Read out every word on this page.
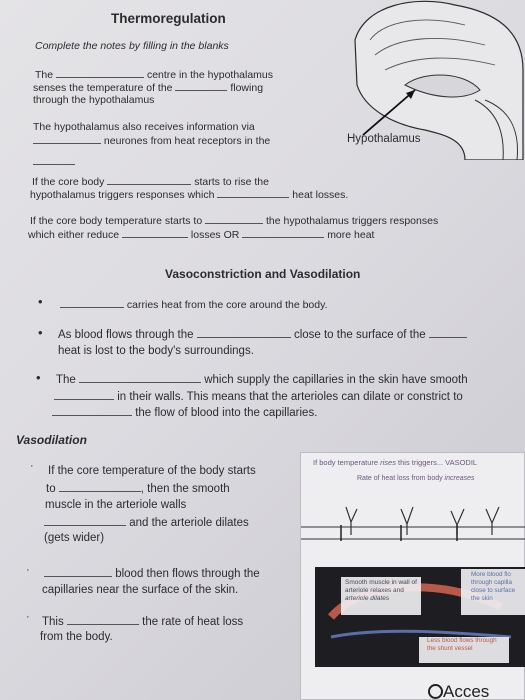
Thermoregulation
Complete the notes by filling in the blanks
Hypothalamus
The	centre in the hypothalamus
senses the temperature of the	flowing
through the hypothalamus
The hypothalamus also receives information via
neurones from heat receptors in the
If the core body	starts to rise the
hypothalamus triggers responses which	heat losses.
If the core body temperature starts to	the hypothalamus triggers responses
which either reduce	losses OR	more heat
Vasoconstriction and Vasodilation
•	carries heat from the core around the body.
• As blood flows through the	close to the surface of the
heat is lost to the body's surroundings.
• The	which supply the capillaries in the skin have smooth
in their walls. This means that the arterioles can dilate or constrict to
the flow of blood into the capillaries.
Vasodilation
· If the core temperature of the body starts
to	, then the smooth
muscle in the arteriole walls
and the arteriole dilates
(gets wider)
·	blood then flows through the
capillaries near the surface of the skin.
· This	the rate of heat loss
from the body.
If body temperature rises this triggers... VASODIL
Rate of heat loss from body increases
Smooth muscle in wall of
arteriole relaxes and
arteriole dilates
More blood flo
through capilla
close to surface
the skin
Less blood flows through
the shunt vessel
Acces
